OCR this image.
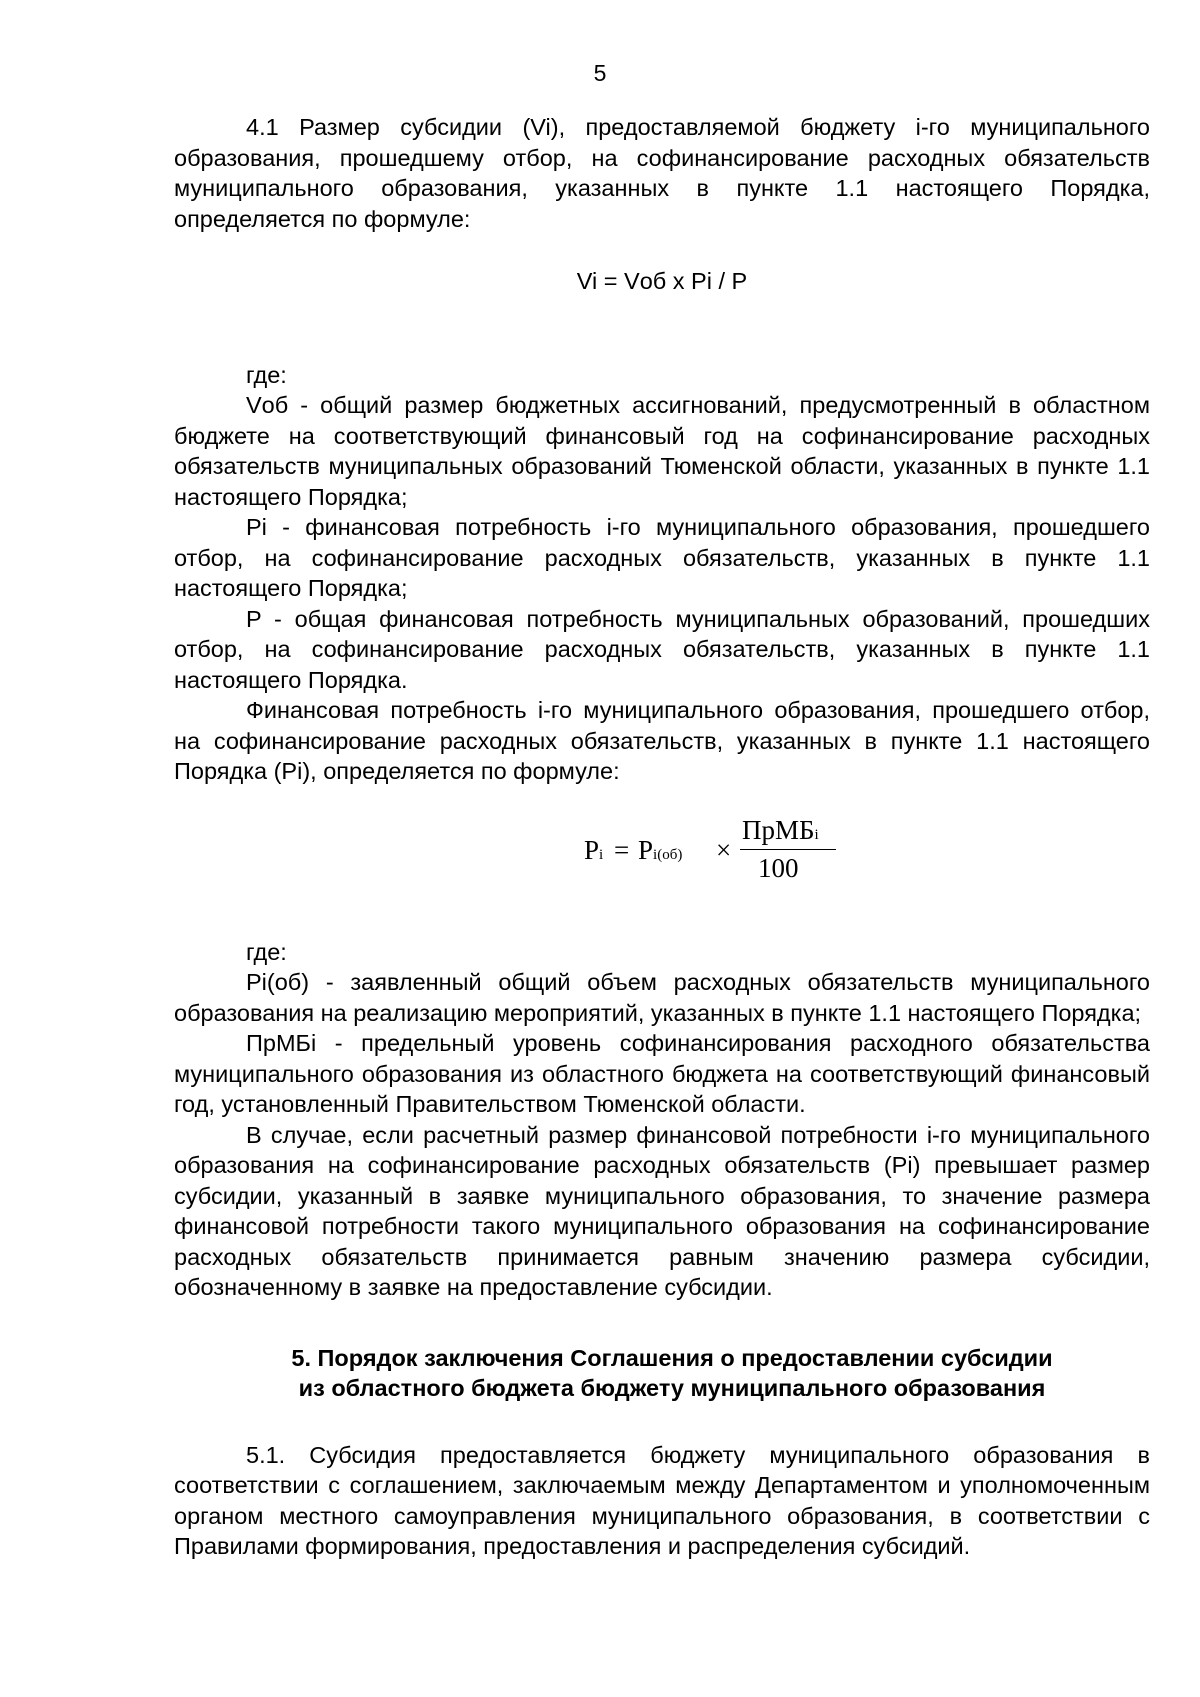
5

4.1 Размер субсидии (Vi), предоставляемой бюджету i-го муниципального образования, прошедшему отбор, на софинансирование расходных обязательств муниципального образования, указанных в пункте 1.1 настоящего Порядка, определяется по формуле:

Vi = Vоб х Pi / P

где:

Vоб - общий размер бюджетных ассигнований, предусмотренный в областном бюджете на соответствующий финансовый год на софинансирование расходных обязательств муниципальных образований Тюменской области, указанных в пункте 1.1 настоящего Порядка;

Pi - финансовая потребность i-го муниципального образования, прошедшего отбор, на софинансирование расходных обязательств, указанных в пункте 1.1 настоящего Порядка;

P - общая финансовая потребность муниципальных образований, прошедших отбор, на софинансирование расходных обязательств, указанных в пункте 1.1 настоящего Порядка.

Финансовая потребность i-го муниципального образования, прошедшего отбор, на софинансирование расходных обязательств, указанных в пункте 1.1 настоящего Порядка (Pi), определяется по формуле:

Pi = Pi(об) ×
ПрМБi
100

где:

Pi(об) - заявленный общий объем расходных обязательств муниципального образования на реализацию мероприятий, указанных в пункте 1.1 настоящего Порядка;

ПрМБi - предельный уровень софинансирования расходного обязательства муниципального образования из областного бюджета на соответствующий финансовый год, установленный Правительством Тюменской области.

В случае, если расчетный размер финансовой потребности i-го муниципального образования на софинансирование расходных обязательств (Pi) превышает размер субсидии, указанный в заявке муниципального образования, то значение размера финансовой потребности такого муниципального образования на софинансирование расходных обязательств принимается равным значению размера субсидии, обозначенному в заявке на предоставление субсидии.

5. Порядок заключения Соглашения о предоставлении субсидии
из областного бюджета бюджету муниципального образования

5.1. Субсидия предоставляется бюджету муниципального образования в соответствии с соглашением, заключаемым между Департаментом и уполномоченным органом местного самоуправления муниципального образования, в соответствии с Правилами формирования, предоставления и распределения субсидий.
